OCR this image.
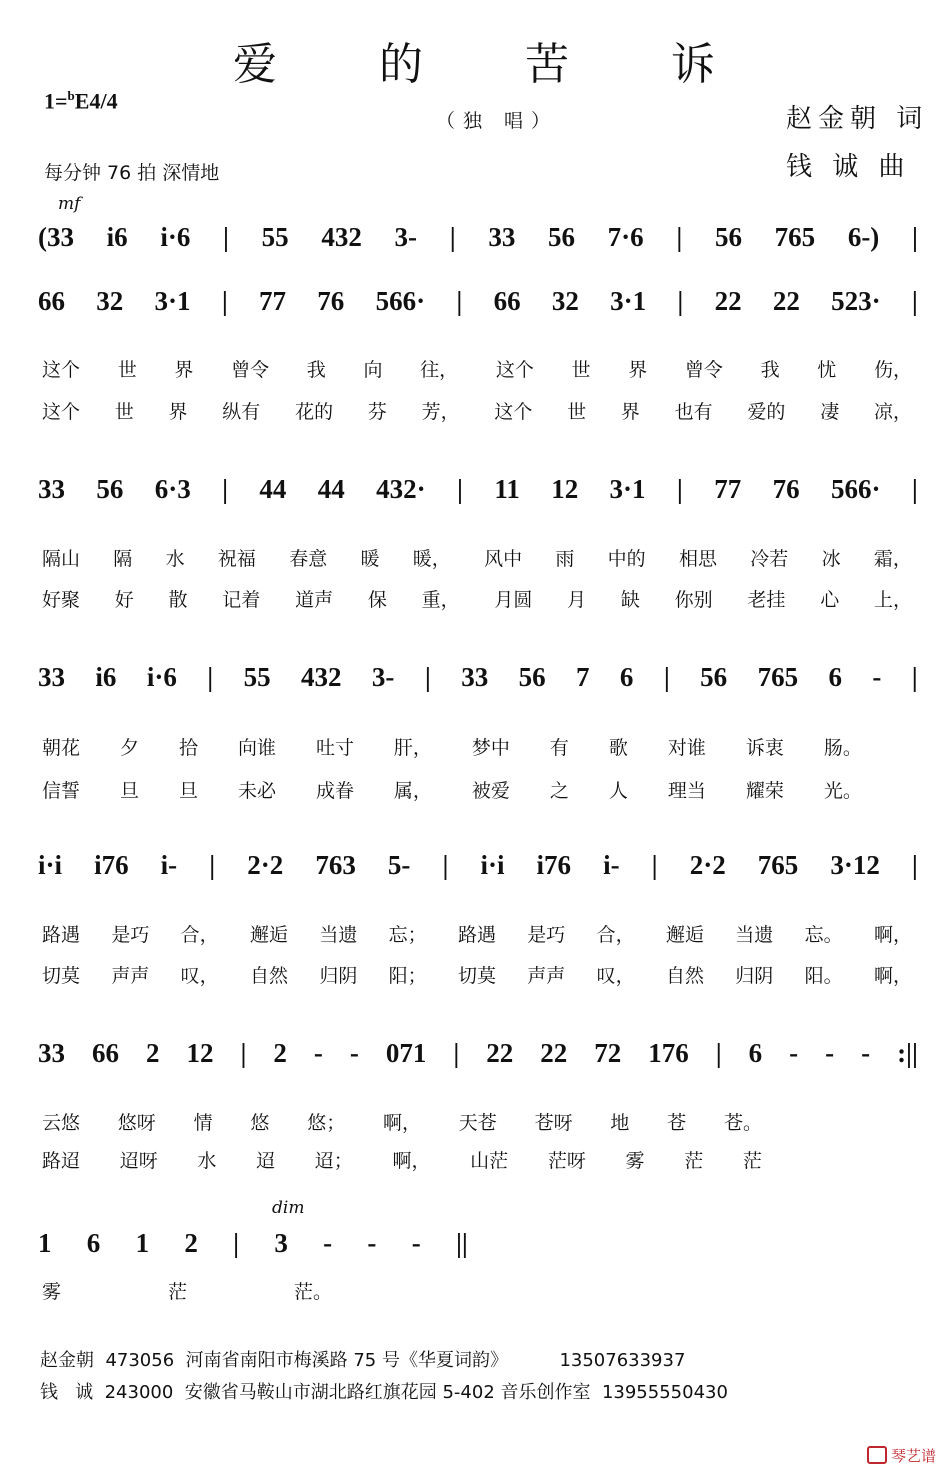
爱 的 苦 诉
1=$^b$E4/4
（独 唱）	赵金朝 词
钱 诚 曲
每分钟 76 拍 深情地
mf
dim
(33 i6 i·6 | 55 432 3- | 33 56 7·6 | 56 765 6-) |
66 32 3·1 | 77 76 566· | 66 32 3·1 | 22 22 523· |
33 56 6·3 | 44 44 432· | 11 12 3·1 | 77 76 566· |
33 i6 i·6 | 55 432 3- | 33 56 7 6 | 56 765 6 - |
i·i i76 i- | 2·2 763 5- | i·i i76 i- | 2·2 765 3·12 |
33 66 2 12 | 2 - - 071 | 22 22 72 176 | 6 - - - :||
1 6 1 2 | 3 - - - ||
这个 世 界 曾令 我 向 往， 这个 世 界 曾令 我 忧 伤，
这个 世 界 纵有 花的 芬 芳， 这个 世 界 也有 爱的 凄 凉，
隔山 隔 水 祝福 春意 暖 暖， 风中 雨 中的 相思 冷若 冰 霜，
好聚 好 散 记着 道声 保 重， 月圆 月 缺 你别 老挂 心 上，
朝花 夕 拾 向谁 吐寸 肝， 梦中 有 歌 对谁 诉衷 肠。
信誓 旦 旦 未必 成眷 属， 被爱 之 人 理当 耀荣 光。
路遇 是巧 合， 邂逅 当遗 忘； 路遇 是巧 合， 邂逅 当遗 忘。 啊，
切莫 声声 叹， 自然 归阴 阳； 切莫 声声 叹， 自然 归阴 阳。 啊，
云悠 悠呀 情 悠 悠； 啊， 天苍 苍呀 地 苍 苍。
路迢 迢呀 水 迢 迢； 啊， 山茫 茫呀 雾 茫 茫
雾	茫	茫。
赵金朝  473056  河南省南阳市梅溪路 75 号《华夏词韵》         13507633937
钱   诚  243000  安徽省马鞍山市湖北路红旗花园 5-402 音乐创作室  13955550430
琴艺谱
